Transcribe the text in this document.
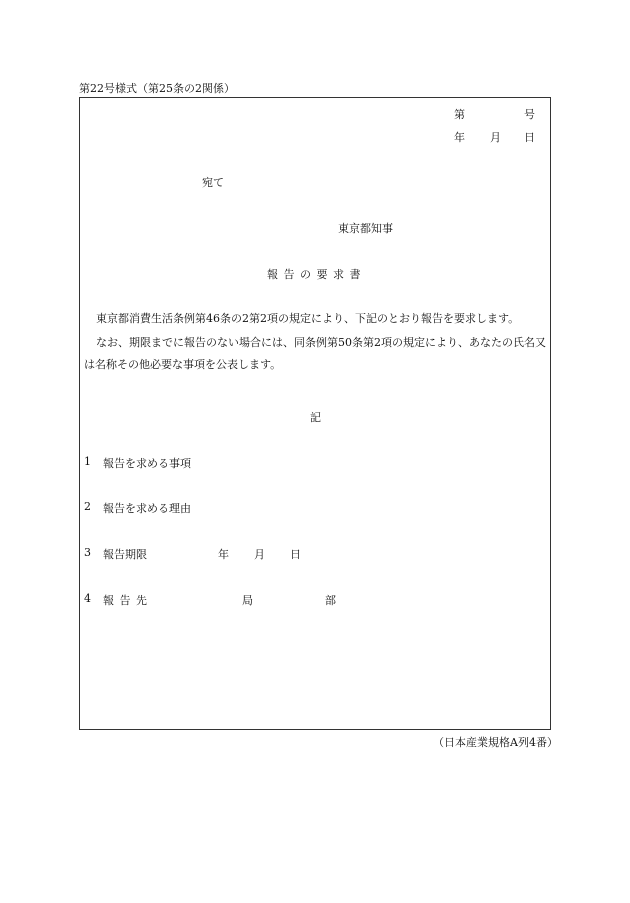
第22号様式（第25条の2関係）
第	号
年 月 日
宛て
東京都知事
報 告 の 要 求 書
東京都消費生活条例第46条の2第2項の規定により、下記のとおり報告を要求します。
なお、期限までに報告のない場合には、同条例第50条第2項の規定により、あなたの氏名又は名称その他必要な事項を公表します。
記
1 報告を求める事項
2 報告を求める理由
3 報告期限	年 月 日
4 報 告 先	局	部
（日本産業規格A列4番）
